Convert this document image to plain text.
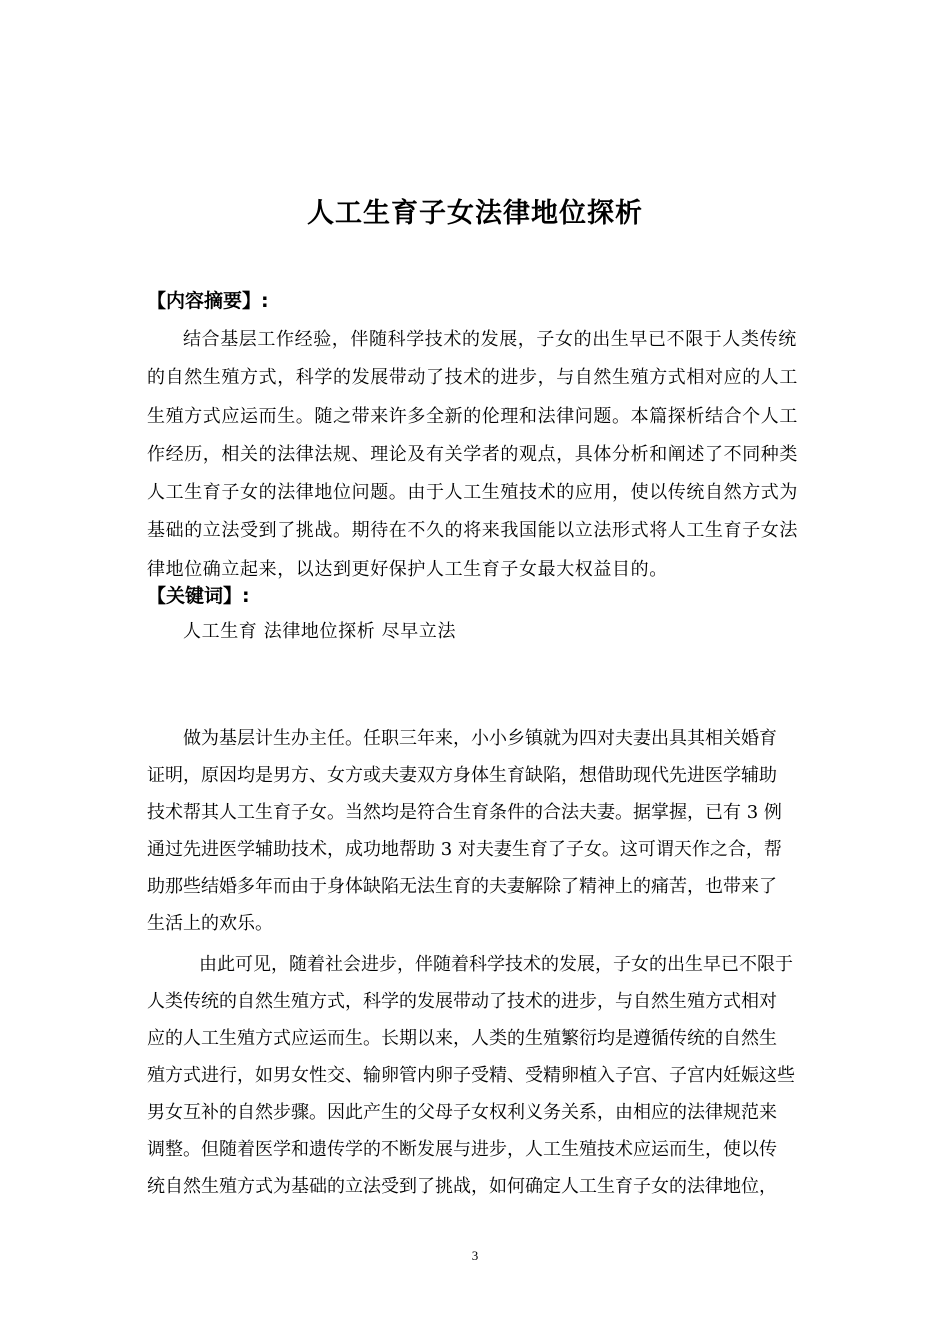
人工生育子女法律地位探析
【内容摘要】:
结合基层工作经验，伴随科学技术的发展，子女的出生早已不限于人类传统
的自然生殖方式，科学的发展带动了技术的进步，与自然生殖方式相对应的人工
生殖方式应运而生。随之带来许多全新的伦理和法律问题。本篇探析结合个人工
作经历，相关的法律法规、理论及有关学者的观点，具体分析和阐述了不同种类
人工生育子女的法律地位问题。由于人工生殖技术的应用，使以传统自然方式为
基础的立法受到了挑战。期待在不久的将来我国能以立法形式将人工生育子女法
律地位确立起来，以达到更好保护人工生育子女最大权益目的。
【关键词】:
人工生育 法律地位探析 尽早立法

做为基层计生办主任。任职三年来，小小乡镇就为四对夫妻出具其相关婚育
证明，原因均是男方、女方或夫妻双方身体生育缺陷，想借助现代先进医学辅助
技术帮其人工生育子女。当然均是符合生育条件的合法夫妻。据掌握，已有 3 例
通过先进医学辅助技术，成功地帮助 3 对夫妻生育了子女。这可谓天作之合，帮
助那些结婚多年而由于身体缺陷无法生育的夫妻解除了精神上的痛苦，也带来了
生活上的欢乐。

由此可见，随着社会进步，伴随着科学技术的发展，子女的出生早已不限于
人类传统的自然生殖方式，科学的发展带动了技术的进步，与自然生殖方式相对
应的人工生殖方式应运而生。长期以来，人类的生殖繁衍均是遵循传统的自然生
殖方式进行，如男女性交、输卵管内卵子受精、受精卵植入子宫、子宫内妊娠这些
男女互补的自然步骤。因此产生的父母子女权利义务关系，由相应的法律规范来
调整。但随着医学和遗传学的不断发展与进步，人工生殖技术应运而生，使以传
统自然生殖方式为基础的立法受到了挑战，如何确定人工生育子女的法律地位，

3
